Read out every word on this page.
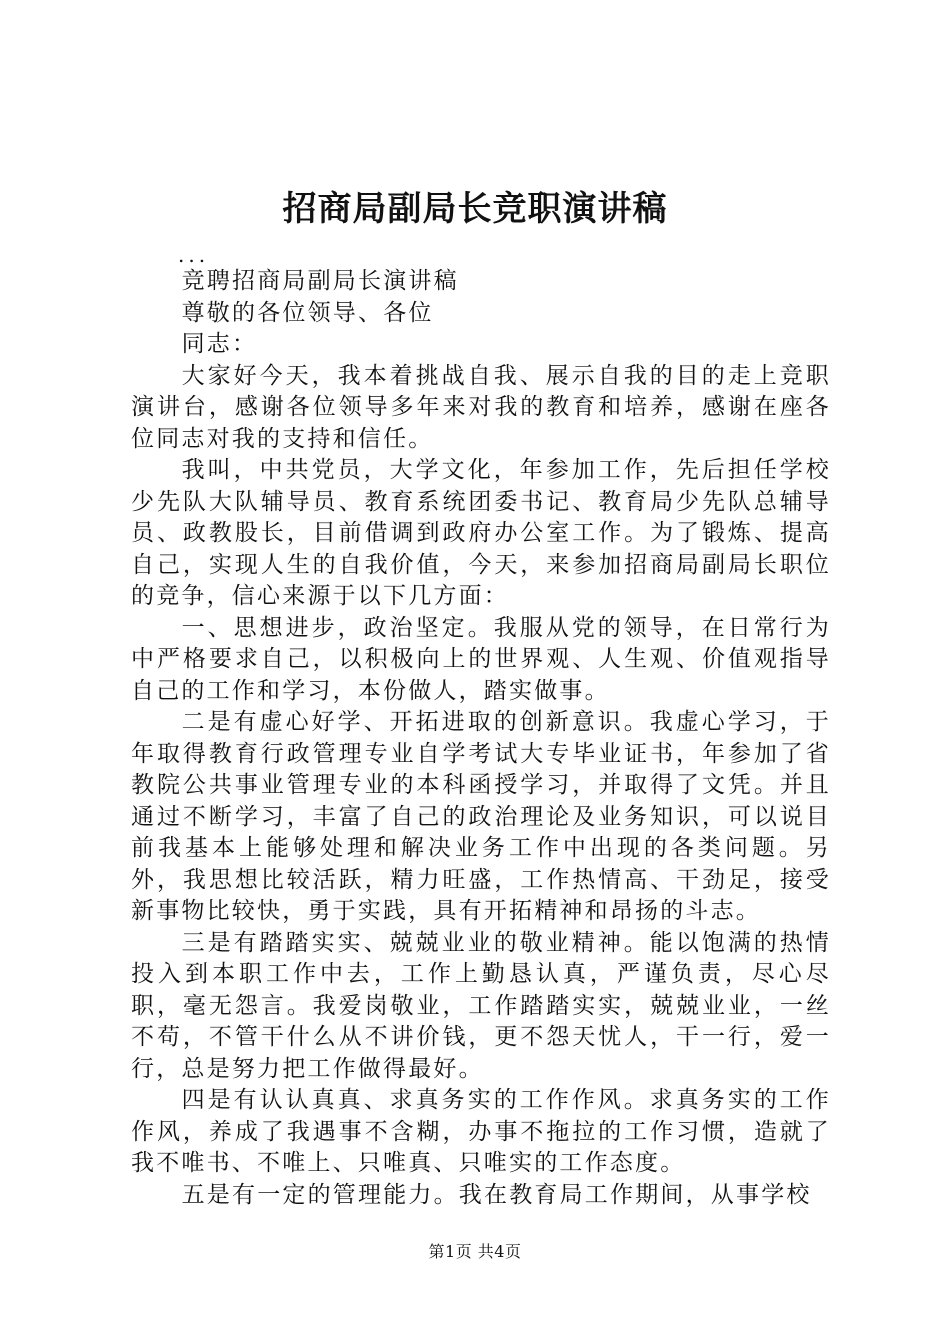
招商局副局长竞职演讲稿
...

竞聘招商局副局长演讲稿

尊敬的各位领导、各位

同志：

大家好今天，我本着挑战自我、展示自我的目的走上竞职演讲台，感谢各位领导多年来对我的教育和培养，感谢在座各位同志对我的支持和信任。

我叫，中共党员，大学文化，年参加工作，先后担任学校少先队大队辅导员、教育系统团委书记、教育局少先队总辅导员、政教股长，目前借调到政府办公室工作。为了锻炼、提高自己，实现人生的自我价值，今天，来参加招商局副局长职位的竞争，信心来源于以下几方面：

一、思想进步，政治坚定。我服从党的领导，在日常行为中严格要求自己，以积极向上的世界观、人生观、价值观指导自己的工作和学习，本份做人，踏实做事。

二是有虚心好学、开拓进取的创新意识。我虚心学习，于年取得教育行政管理专业自学考试大专毕业证书，年参加了省教院公共事业管理专业的本科函授学习，并取得了文凭。并且通过不断学习，丰富了自己的政治理论及业务知识，可以说目前我基本上能够处理和解决业务工作中出现的各类问题。另外，我思想比较活跃，精力旺盛，工作热情高、干劲足，接受新事物比较快，勇于实践，具有开拓精神和昂扬的斗志。

三是有踏踏实实、兢兢业业的敬业精神。能以饱满的热情投入到本职工作中去，工作上勤恳认真，严谨负责，尽心尽职，毫无怨言。我爱岗敬业，工作踏踏实实，兢兢业业，一丝不苟，不管干什么从不讲价钱，更不怨天忧人，干一行，爱一行，总是努力把工作做得最好。

四是有认认真真、求真务实的工作作风。求真务实的工作作风，养成了我遇事不含糊，办事不拖拉的工作习惯，造就了我不唯书、不唯上、只唯真、只唯实的工作态度。

五是有一定的管理能力。我在教育局工作期间，从事学校

第1页 共4页
